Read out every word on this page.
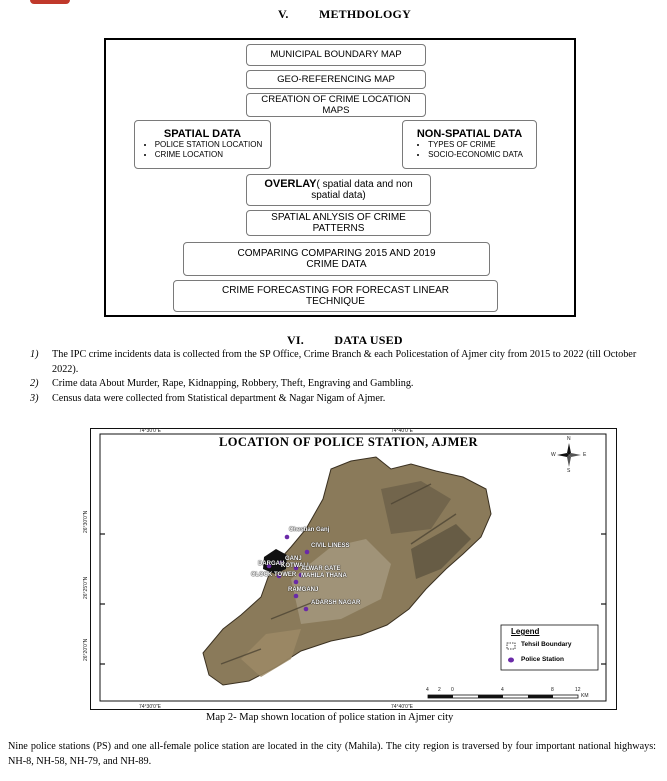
V.	METHDOLOGY
MUNICIPAL BOUNDARY MAP
GEO-REFERENCING MAP
CREATION OF CRIME LOCATION MAPS
SPATIAL DATA
• POLICE STATION LOCATION
• CRIME LOCATION
NON-SPATIAL DATA
• TYPES OF CRIME
• SOCIO-ECONOMIC DATA
OVERLAY( spatial data and non spatial data)
SPATIAL ANLYSIS OF CRIME PATTERNS
COMPARING COMPARING 2015 AND 2019 CRIME DATA
CRIME FORECASTING FOR FORECAST LINEAR TECHNIQUE
VI.	DATA USED
1)	The IPC crime incidents data is collected from the SP Office, Crime Branch & each Policestation of Ajmer city from 2015 to 2022 (till October 2022).
2)	Crime data About Murder, Rape, Kidnapping, Robbery, Theft, Engraving and Gambling.
3)	Census data were collected from Statistical department & Nagar Nigam of Ajmer.
74°30'0"E	74°40'0"E
74°30'0"E	74°40'0"E
26°30'0"N
26°25'0"N
26°20'0"N
LOCATION OF POLICE STATION, AJMER	N
E
S
W
Chestian Ganj
CIVIL LINESS
GANJ
DARGAH
KOTWALI
ALWAR GATE
CLOCK TOWER MAHILA THANA
RAMGANJ
ADARSH NAGAR
Legend
Tehsil Boundary
Police Station
4 2 0	4	8	12
KM
Map 2- Map shown location of police station in Ajmer city
Nine police stations (PS) and one all-female police station are located in the city (Mahila). The city region is traversed by four important national highways: NH-8, NH-58, NH-79, and NH-89.
